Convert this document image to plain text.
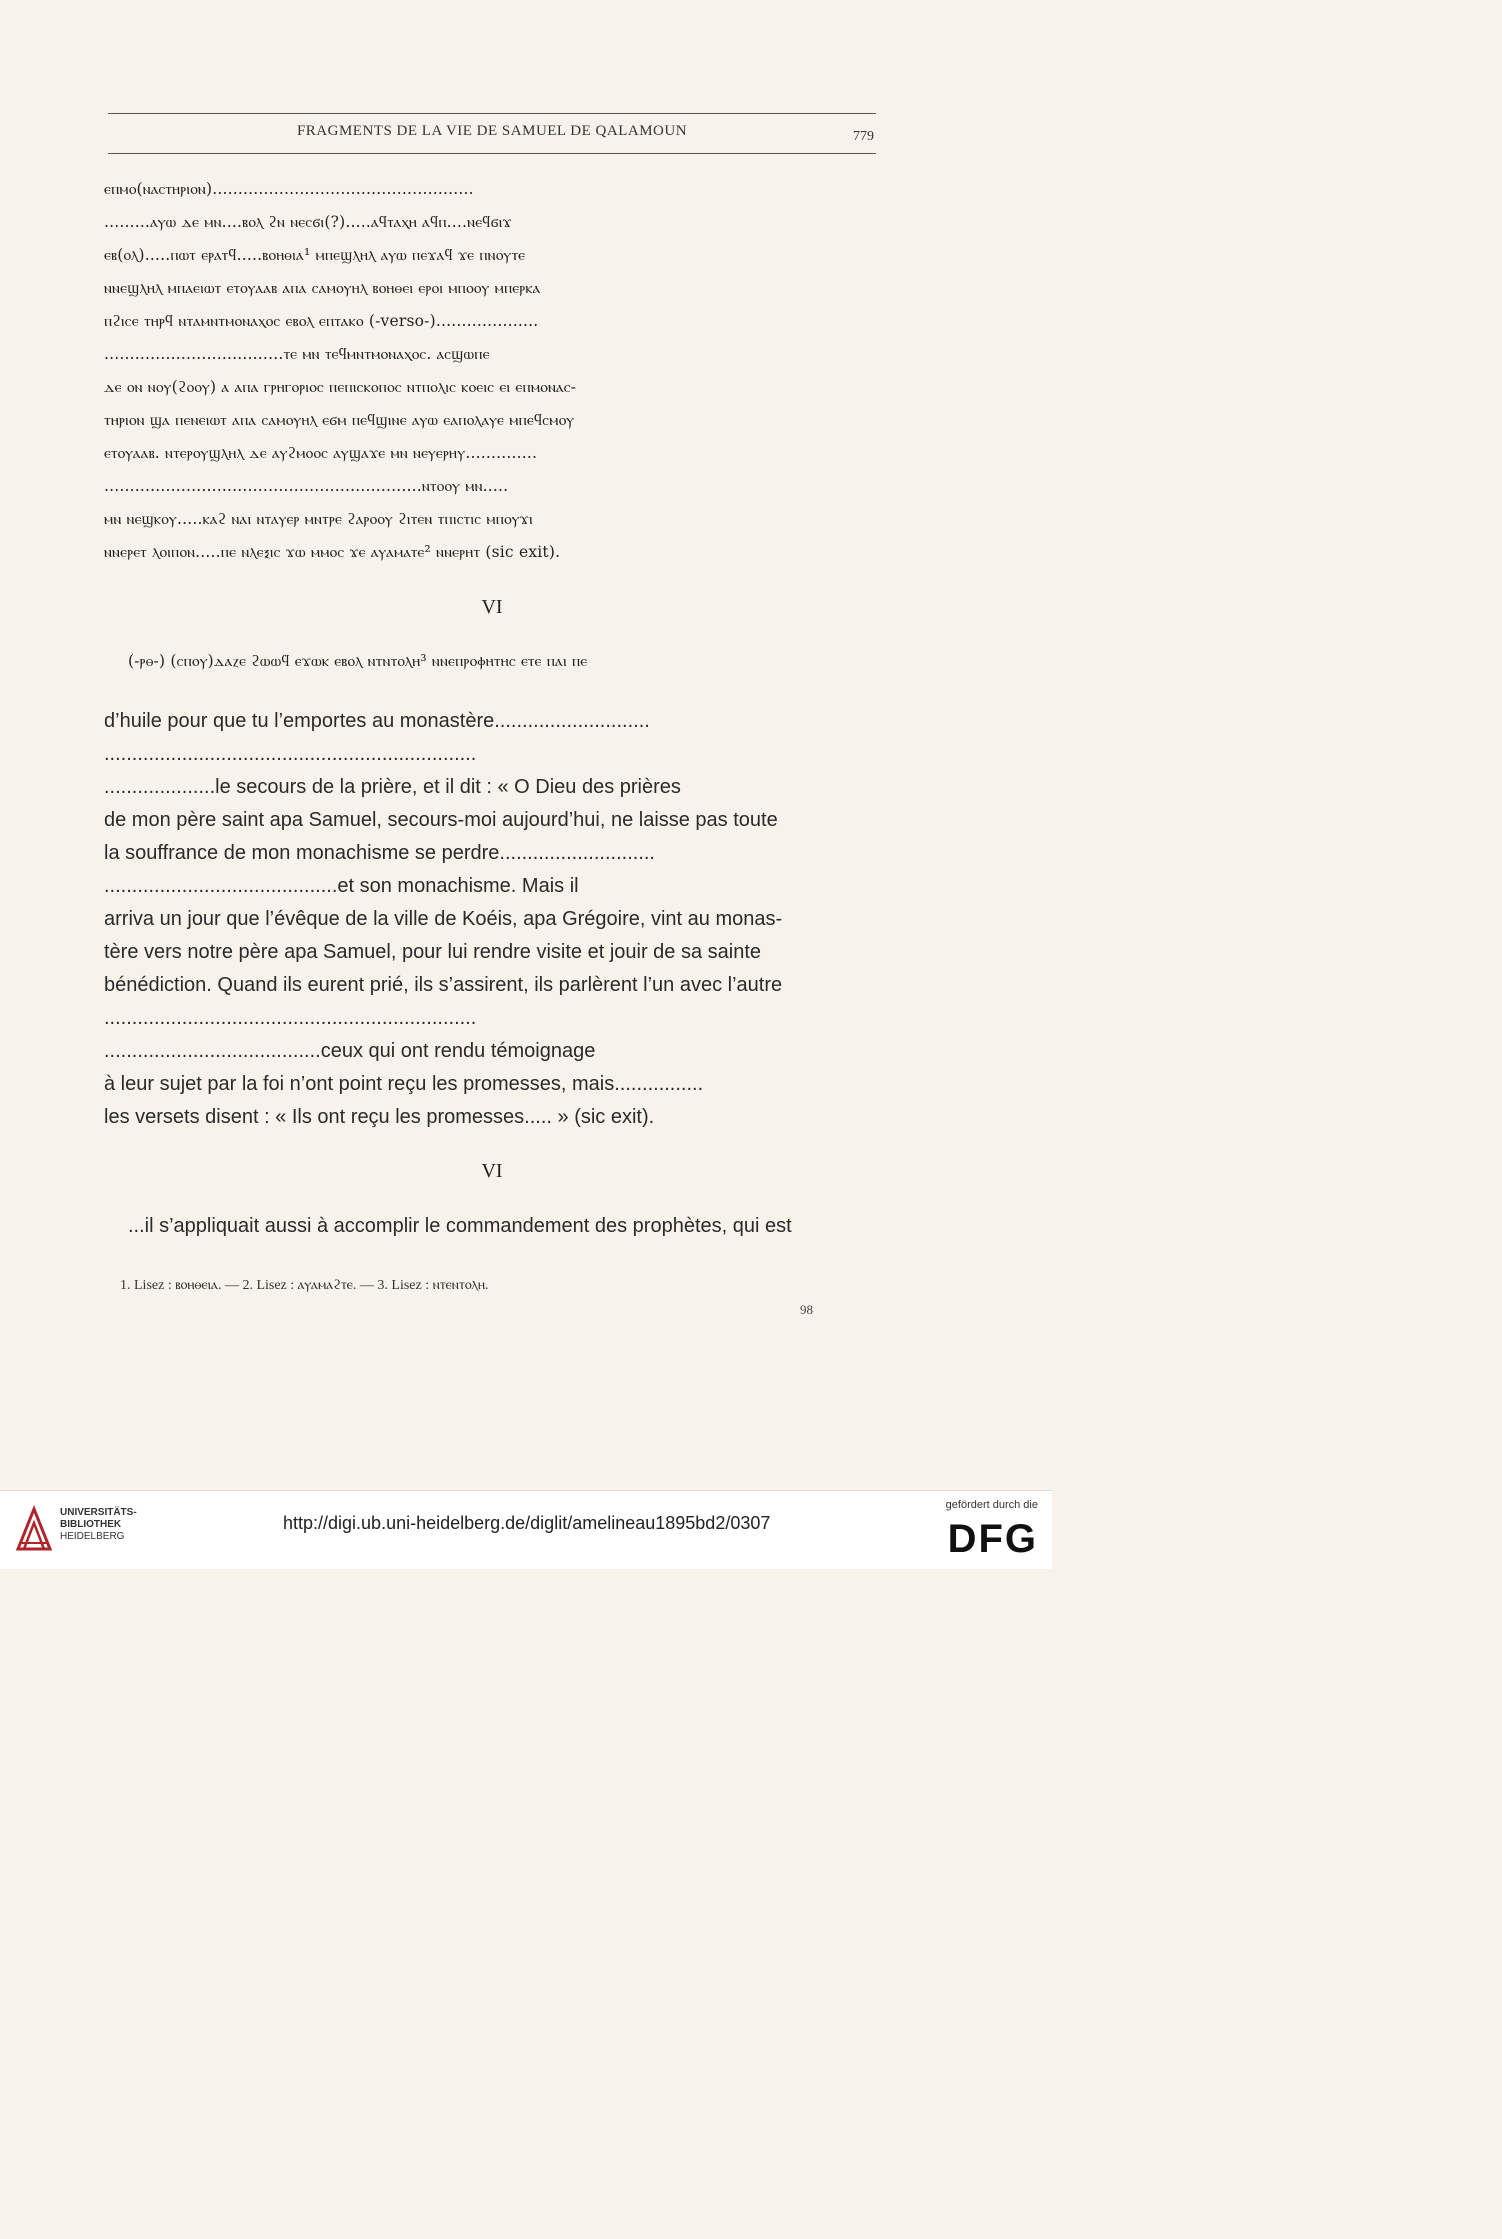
FRAGMENTS DE LA VIE DE SAMUEL DE QALAMOUN	779
ⲉⲡⲙⲟ(ⲛⲁⲥⲧⲏⲣⲓⲟⲛ)...................................................
.........ⲁⲩⲱ ⲇⲉ ⲙⲛ....ⲃⲟⲗ ϩⲛ ⲛⲉⲥϭⲓ(?).....ⲁϥⲧⲁⲭⲏ ⲁϥⲡ....ⲛⲉϥϭⲓϫ
ⲉⲃ(ⲟⲗ).....ⲡⲱⲧ ⲉⲣⲁⲧϥ.....ⲃⲟⲏⲑⲓⲁ¹ ⲙⲡⲉϣⲗⲏⲗ ⲁⲩⲱ ⲡⲉϫⲁϥ ϫⲉ ⲡⲛⲟⲩⲧⲉ
ⲛⲛⲉϣⲗⲏⲗ ⲙⲡⲁⲉⲓⲱⲧ ⲉⲧⲟⲩⲁⲁⲃ ⲁⲡⲁ ⲥⲁⲙⲟⲩⲏⲗ ⲃⲟⲏⲑⲉⲓ ⲉⲣⲟⲓ ⲙⲡⲟⲟⲩ ⲙⲡⲉⲣⲕⲁ
ⲡϩⲓⲥⲉ ⲧⲏⲣϥ ⲛⲧⲁⲙⲛⲧⲙⲟⲛⲁⲭⲟⲥ ⲉⲃⲟⲗ ⲉⲡⲧⲁⲕⲟ (-verso-)....................
...................................ⲧⲉ ⲙⲛ ⲧⲉϥⲙⲛⲧⲙⲟⲛⲁⲭⲟⲥ. ⲁⲥϣⲱⲡⲉ
ⲇⲉ ⲟⲛ ⲛⲟⲩ(ϩⲟⲟⲩ) ⲁ ⲁⲡⲁ ⲅⲣⲏⲅⲟⲣⲓⲟⲥ ⲡⲉⲡⲓⲥⲕⲟⲡⲟⲥ ⲛⲧⲡⲟⲗⲓⲥ ⲕⲟⲉⲓⲥ ⲉⲓ ⲉⲡⲙⲟⲛⲁⲥ-
ⲧⲏⲣⲓⲟⲛ ϣⲁ ⲡⲉⲛⲉⲓⲱⲧ ⲁⲡⲁ ⲥⲁⲙⲟⲩⲏⲗ ⲉϭⲙ ⲡⲉϥϣⲓⲛⲉ ⲁⲩⲱ ⲉⲁⲡⲟⲗⲁⲩⲉ ⲙⲡⲉϥⲥⲙⲟⲩ
ⲉⲧⲟⲩⲁⲁⲃ. ⲛⲧⲉⲣⲟⲩϣⲗⲏⲗ ⲇⲉ ⲁⲩϩⲙⲟⲟⲥ ⲁⲩϣⲁϫⲉ ⲙⲛ ⲛⲉⲩⲉⲣⲏⲩ..............
..............................................................ⲛⲧⲟⲟⲩ ⲙⲛ.....
ⲙⲛ ⲛⲉϣⲕⲟⲩ.....ⲕⲁϩ ⲛⲁⲓ ⲛⲧⲁⲩⲉⲣ ⲙⲛⲧⲣⲉ ϩⲁⲣⲟⲟⲩ ϩⲓⲧⲉⲛ ⲧⲡⲓⲥⲧⲓⲥ ⲙⲡⲟⲩϫⲓ
ⲛⲛⲉⲣⲉⲧ ⲗⲟⲓⲡⲟⲛ.....ⲡⲉ ⲛⲗⲉⲝⲓⲥ ϫⲱ ⲙⲙⲟⲥ ϫⲉ ⲁⲩⲁⲙⲁⲧⲉ² ⲛⲛⲉⲣⲏⲧ (sic exit).
VI
(-ⲣⲑ-) (ⲥⲡⲟⲩ)ⲇⲁⲍⲉ ϩⲱⲱϥ ⲉϫⲱⲕ ⲉⲃⲟⲗ ⲛⲧⲛⲧⲟⲗⲏ³ ⲛⲛⲉⲡⲣⲟⲫⲏⲧⲏⲥ ⲉⲧⲉ ⲡⲁⲓ ⲡⲉ
d’huile pour que tu l’emportes au monastère............................
...................................................................
....................le secours de la prière, et il dit : « O Dieu des prières
de mon père saint apa Samuel, secours-moi aujourd’hui, ne laisse pas toute
la souffrance de mon monachisme se perdre............................
..........................................et son monachisme. Mais il
arriva un jour que l’évêque de la ville de Koéis, apa Grégoire, vint au monas-
tère vers notre père apa Samuel, pour lui rendre visite et jouir de sa sainte
bénédiction. Quand ils eurent prié, ils s’assirent, ils parlèrent l’un avec l’autre
...................................................................
.......................................ceux qui ont rendu témoignage
à leur sujet par la foi n’ont point reçu les promesses, mais................
les versets disent : « Ils ont reçu les promesses..... » (sic exit).
VI
...il s’appliquait aussi à accomplir le commandement des prophètes, qui est
1. Lisez : ⲃⲟⲏⲑⲉⲓⲁ. — 2. Lisez : ⲁⲩⲁⲙⲁϩⲧⲉ. — 3. Lisez : ⲛⲧⲉⲛⲧⲟⲗⲏ.
98
UNIVERSITÄTS-
BIBLIOTHEK
HEIDELBERG
http://digi.ub.uni-heidelberg.de/diglit/amelineau1895bd2/0307
gefördert durch die
DFG
